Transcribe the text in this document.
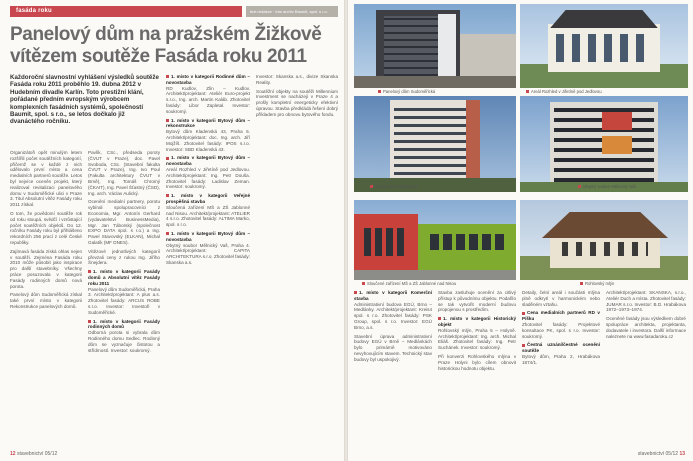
fasáda roku	text redakce · foto archiv Baumit, spol. s r.o.
Panelový dům na pražském Žižkově vítězem soutěže Fasáda roku 2011

Každoroční slavnostní vyhlášení výsledků soutěže Fasáda roku 2011 proběhlo 19. dubna 2012 v Hudebním divadle Karlín. Toto prestižní klání, pořádané předním evropským výrobcem komplexních fasádních systémů, společností Baumit, spol. s r.o., se letos dočkalo již dvanáctého ročníku.

Organizátoři opět minulým letem rozšířili počet soutěžních kategorií, přičemž se v každé z nich udělovalo první místo a cena medialních partnerů soutěže. Letos byl nejvíce oceněn projekt, který realizoval revitalizaci panelového domu v Sudoměřické ulici v Praze 3. Titul Absolutní vítěz Fasády roku 2011 získal.

O tom, že povědomí soutěže rok od roku stoupá, svědčí i vzrůstající počet soutěžních objektů. Do 12. ročníku Fasády roku byl přihlášeno rekordních 256 prací z celé České republiky.

Zajímavá fasáda získá ohlas nejen v soutěži. Zejména Fasáda roku 2010 může působit jako inspirace pro další stavebníky. Všechny práce posuzovala v kategorii Fasády rodinných domů nová porota.

Panelový dům Sudoměřická získal také první místo v kategorii Rekonstrukce panelových domů.

Pavlík, CSc., předseda poroty (ČVUT v Praze), doc. Pavel Svoboda, CSc. (Stavební fakulta ČVUT v Praze), Ing. Ivo Poul (Fakulta architektury ČVUT v Brně), Ing. Tomáš Chromý (ČKAIT), Ing. Pavel Šťastný (ČSD), Ing. arch. Václav Aulický.

Ocenění medialní partnery, porotu vybírali spolupracovníci z Economia, Mgr. Antonín Gerhard (vydavatelství BusinessMedia), Mgr. Jan Táborský (společnost EXPO DATA spol. s r.o.) a Ing. Pavel Stavovský (ELKAN), Michal Galatík (MF DNES).

Vítězové jednotlivých kategorií převzali ceny z rukou Ing. Jiřího Šnejdera.

1. místo v kategorii Fasády domů a Absolutní vítěz Fasády roku 2011
Panelový dům Sudoměřická, Praha 3. Architekt/projektant: A plus a.s. Zhotovitel fasády: ARCUS ROBE s.r.o. Investor: Investoři v Sudoměřické.
1. místo v kategorii Fasády rodinných domů
Odborná porota si vybrala dům Rodinného domu Sedlec. Rodinný dům se vyznačuje čistotou a střídmostí. Investor: soukromý.
1. místo v kategorii Rodinné dům – novostavba
RD Kudlov, Zlín – Kudlov. Architekt/projektant: Ateliér Euro-projekt s.r.o., Ing. arch. Martin Kaláb. Zhotovitel fasády: Libor Zapletal. Investor: soukromý.
1. místo v kategorii Bytový dům – rekonstrukce
Bytový dům Kladenská 43, Praha 6. Architekt/projektant: doc. Ing. arch. Jiří Mojžíš. Zhotovitel fasády: IPOS s.r.o. Investor: SBD Kladenská 43.
1. místo v kategorii Bytový dům – novostavba
Areál Rozhled v Jiřetíně pod Jedlovou. Architekt/projektant: Ing. Petr Douša. Zhotovitel fasády: Ladislav Zeman. Investor: soukromý.
1. místo v kategorii Veřejné prospěšná stavba
Sloučená zařízení MŠ a ZŠ Jablonné nad Nisou. Architekt/projektant: ATELIER 4 s.r.o. Zhotovitel fasády: ALTIMA Marko, spol. s r.o.
1. místo v kategorii Bytový dům – novostavba
Obytný soubor Mělnický Vaš, Praha 4. Architekt/projektant: CAPITA ARCHITEKTURA s.r.o. Zhotovitel fasády: Skanska a.s.

Investor: Skanska a.s., divize Skanska Reality.

Soutěžní objekty na soutěži Millennium Investment se nacházejí v Praze 4 a prošly kompletní energeticky efektivní úpravou. Stavba předkládá řešení dobrý příkladem pro obnovu bytového fondu.

12 stavebnictví 05/12
Panelový dům Sudoměřická	Areál Rozhled v Jiřetíně pod Jedlovou
Bytový dům Kladenská	Obytný soubor Mělnický Vaš
Sloučené zařízení MŠ a ZŠ Jablonné nad Nisou	Rohlovský mlýn
1. místo v kategorii Komerční stavba
Administrativní budova EGÚ, Brno – Medlánky. Architekt/projektant: Kreis4 spol. s r.o. Zhotovitel fasády: PSK Group, spol. s r.o. Investor: EGÚ Brno, a.s.
Stavební úprava administrativní budovy EGÚ v Brně – Medlánkách bylo primárně motivováno nevyhovujícím stavem. Technický stav budovy byl uspokojivý.
Stavba zasluhuje ocenění za citlivý přístup k původnímu objektu. Podařilo se tak vytvořit moderní budovu propojenou s prostředím.
1. místo v kategorii Historický objekt
Rohlovský mlýn, Praha 5 – Holyně. Architekt/projektant: Ing. arch. Michal Eliáš. Zhotovitel fasády: Ing. Petr Suchánek. Investor: soukromý.
Při konverzi Rohlovského mlýna v Praze Holyni bylo cílem obnovit historickou hodnotu objektu.
Detaily, čelní areál i součásti mlýna plně odkrytí v harmonickém nebo sladěném vztahu.
Cena medialních partnerů RD v Píšku
Zhotovitel fasády: Projektové konsultace PK, spol. s r.o. Investor: soukromý.
Čestná uznání/čestné ocenění soutěže
Bytový dům, Praha 2, Hrabákova 1874/1.
Architekt/projektant: SKANSKA, s.r.o., Ateliér Duch a místa. Zhotovitel fasády: JUMAR s.r.o. Investor: B.D. Hrabákova 1972–1973–1974.
Oceněné fasády jsou výsledkem dobré spolupráce architekta, projektanta, dodavatele i investora. Další informace naleznete na www.fasadaroku.cz
stavebnictví 05/12 13
